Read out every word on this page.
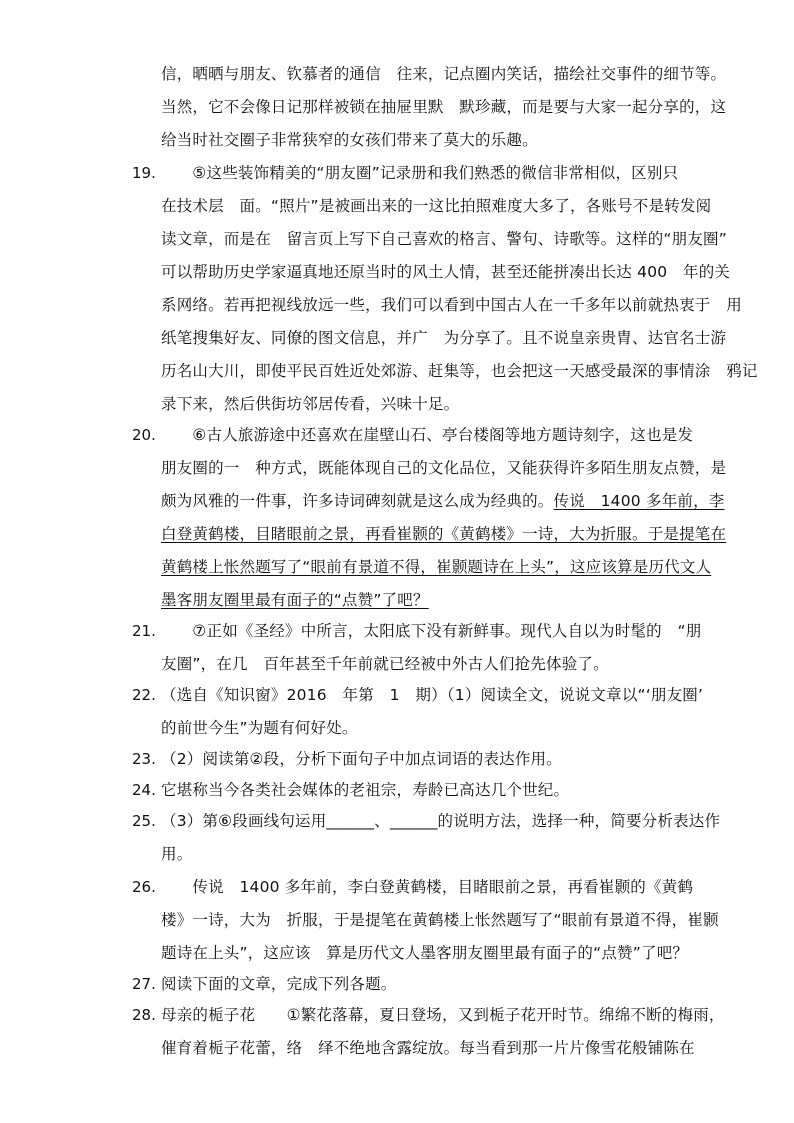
信，晒晒与朋友、钦慕者的通信　往来，记点圈内笑话，描绘社交事件的细节等。
当然，它不会像日记那样被锁在抽屉里默　默珍藏，而是要与大家一起分享的，这
给当时社交圈子非常狭窄的女孩们带来了莫大的乐趣。
19. 　　⑤这些装饰精美的“朋友圈”记录册和我们熟悉的微信非常相似，区别只
在技术层　面。“照片”是被画出来的一这比拍照难度大多了，各账号不是转发阅
读文章，而是在　留言页上写下自己喜欢的格言、警句、诗歌等。这样的“朋友圈”
可以帮助历史学家逼真地还原当时的风土人情，甚至还能拼凑出长达 400　年的关
系网络。若再把视线放远一些，我们可以看到中国古人在一千多年以前就热衷于　用
纸笔搜集好友、同僚的图文信息，并广　为分享了。且不说皇亲贵胄、达官名士游
历名山大川，即使平民百姓近处郊游、赶集等，也会把这一天感受最深的事情涂　鸦记
录下来，然后供街坊邻居传看，兴味十足。
20. 　　⑥古人旅游途中还喜欢在崖壁山石、亭台楼阁等地方题诗刻字，这也是发
朋友圈的一　种方式，既能体现自己的文化品位，又能获得许多陌生朋友点赞，是
颇为风雅的一件事，许多诗词碑刻就是这么成为经典的。传说　1400 多年前，李
白登黄鹤楼，目睹眼前之景，再看崔颢的《黄鹤楼》一诗，大为折服。于是提笔在
黄鹤楼上怅然题写了“眼前有景道不得，崔颢题诗在上头”，这应该算是历代文人
墨客朋友圈里最有面子的“点赞”了吧？
21. 　　⑦正如《圣经》中所言，太阳底下没有新鲜事。现代人自以为时髦的　“朋
友圈”，在几　百年甚至千年前就已经被中外古人们抢先体验了。
22. （选自《知识窗》2016　年第　1　期）（1）阅读全文，说说文章以“‘朋友圈’
的前世今生”为题有何好处。
23. （2）阅读第②段，分析下面句子中加点词语的表达作用。
24. 它堪称当今各类社会媒体的老祖宗，寿龄已高达几个世纪。
25. （3）第⑥段画线句运用______、______的说明方法，选择一种，简要分析表达作
用。
26. 　　传说　1400 多年前，李白登黄鹤楼，目睹眼前之景，再看崔颢的《黄鹤
楼》一诗，大为　折服，于是提笔在黄鹤楼上怅然题写了“眼前有景道不得，崔颢
题诗在上头”，这应该　算是历代文人墨客朋友圈里最有面子的“点赞”了吧？
27. 阅读下面的文章，完成下列各题。
28. 母亲的栀子花　　①繁花落幕，夏日登场，又到栀子花开时节。绵绵不断的梅雨，
催育着栀子花蕾，络　绎不绝地含露绽放。每当看到那一片片像雪花般铺陈在
